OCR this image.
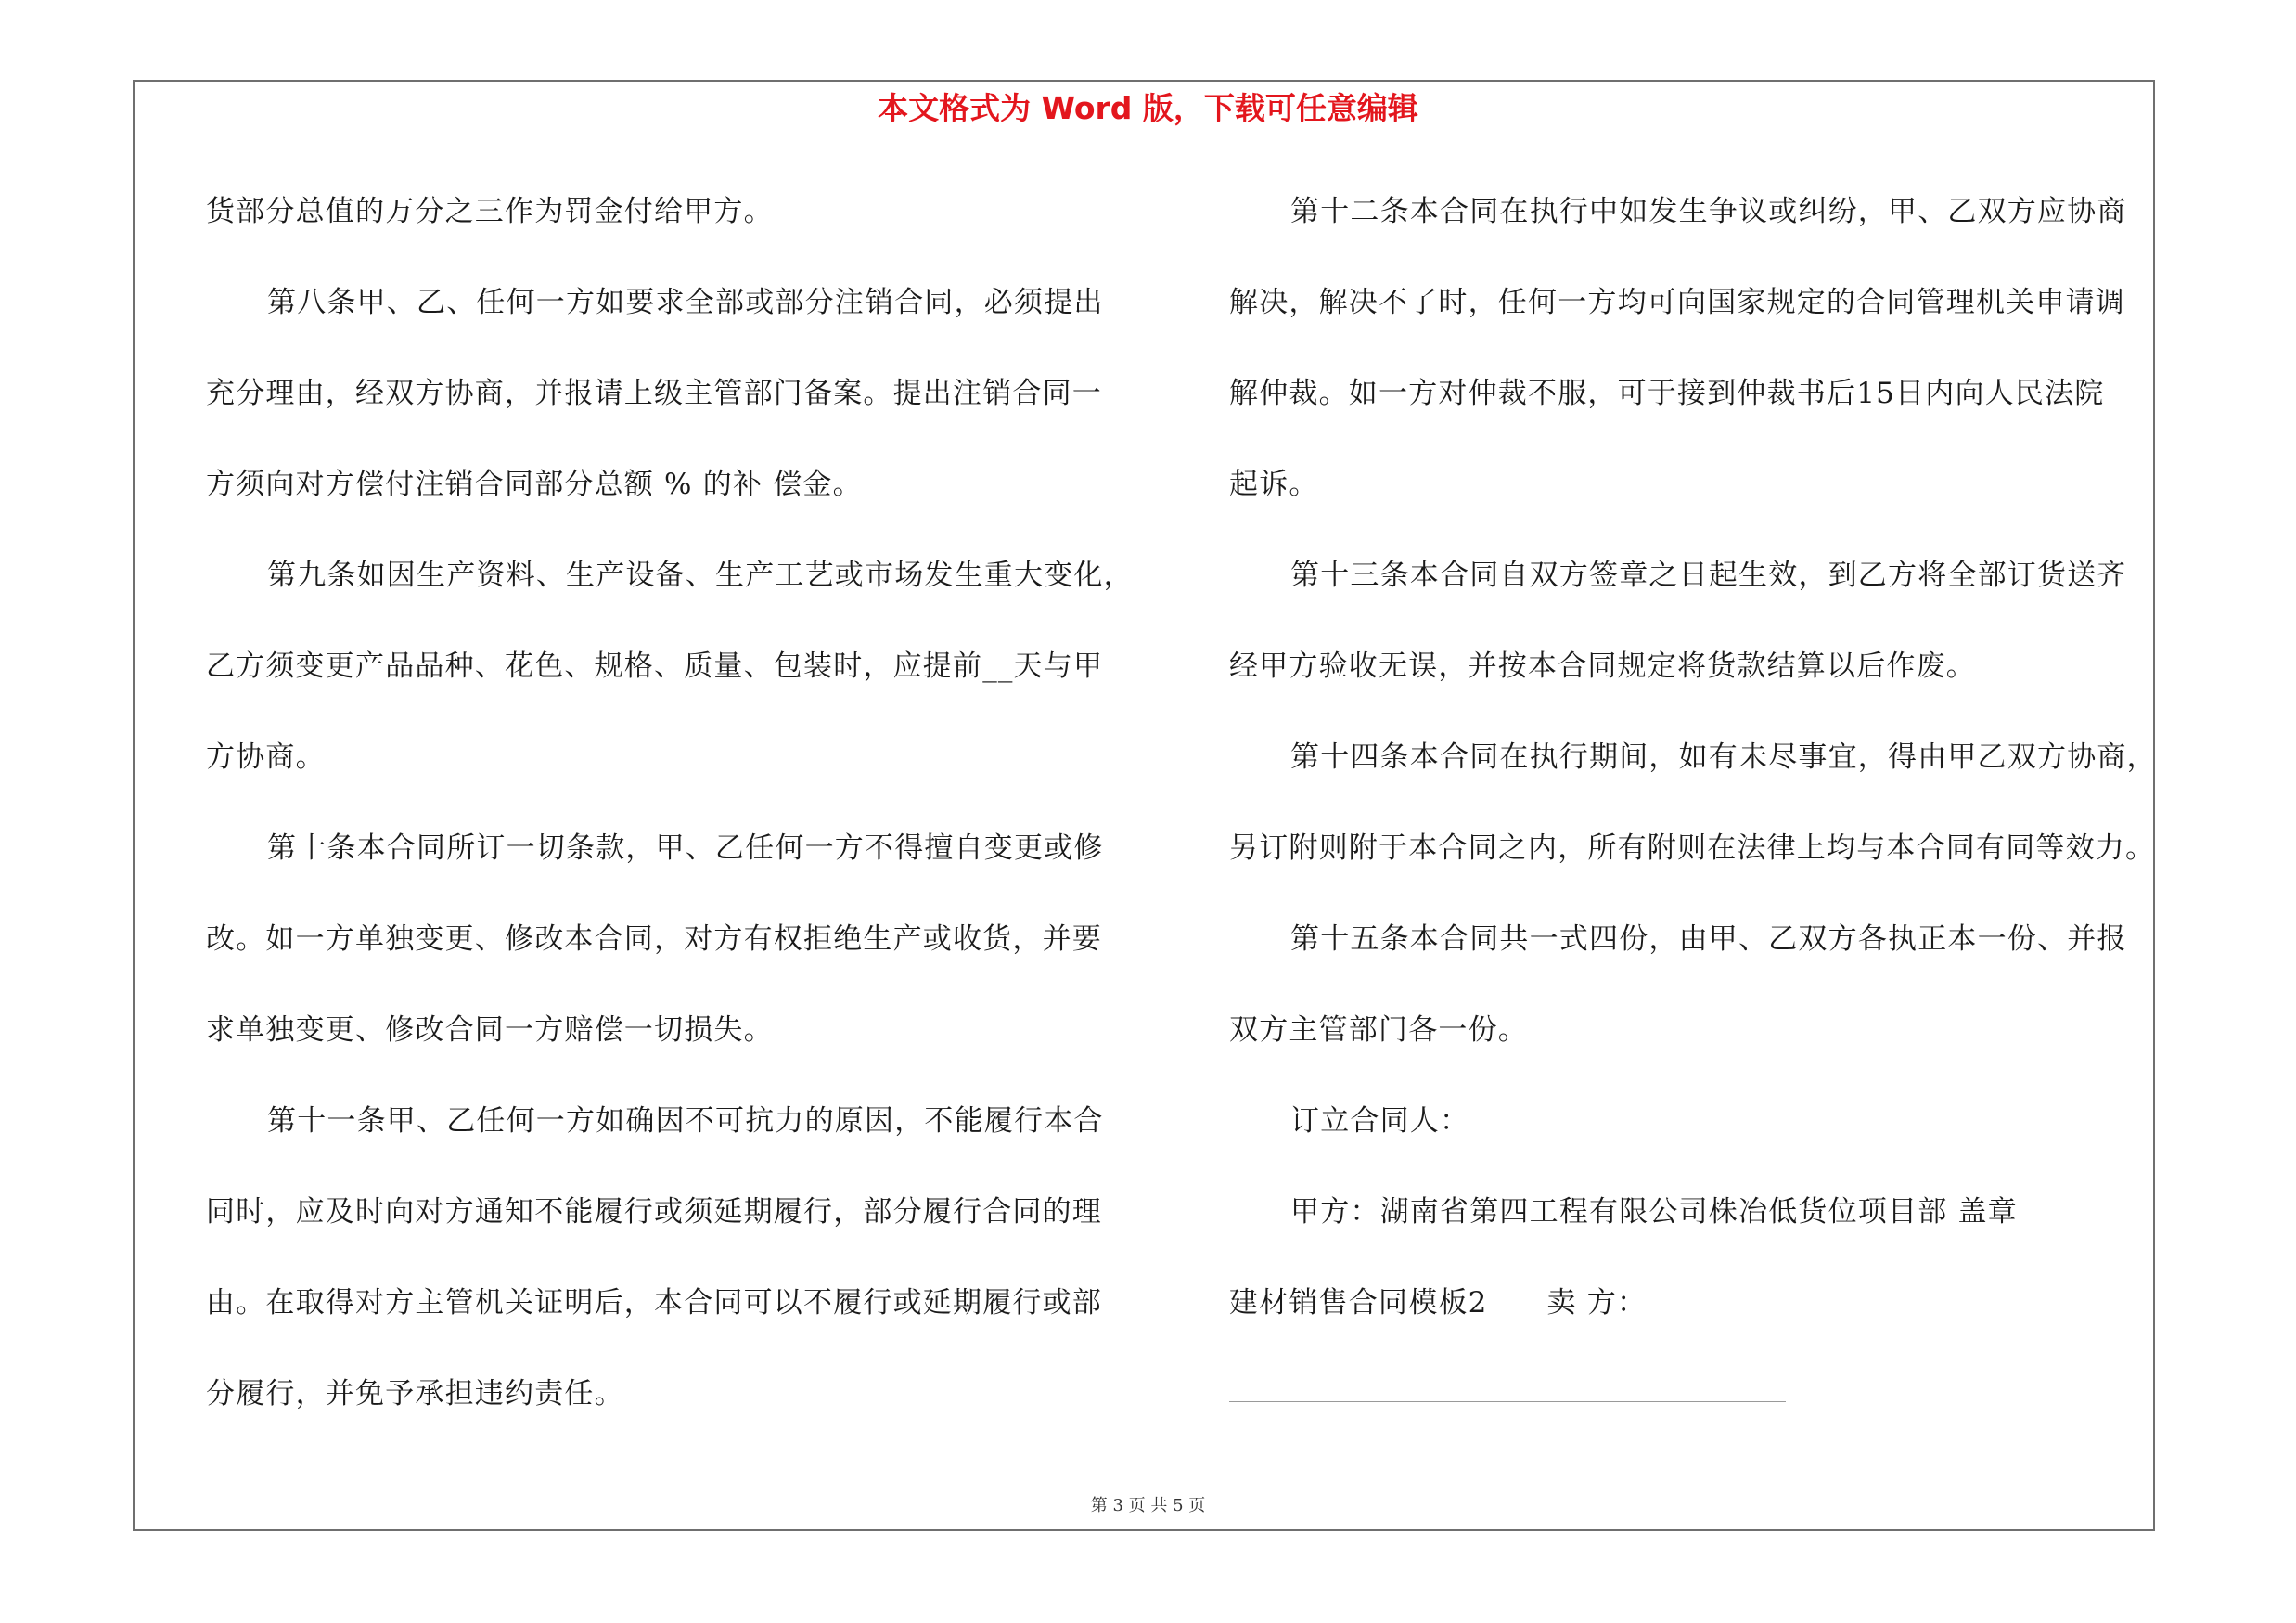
本文格式为 Word 版，下载可任意编辑
货部分总值的万分之三作为罚金付给甲方。
第八条甲、乙、任何一方如要求全部或部分注销合同，必须提出
充分理由，经双方协商，并报请上级主管部门备案。提出注销合同一
方须向对方偿付注销合同部分总额 % 的补 偿金。
第九条如因生产资料、生产设备、生产工艺或市场发生重大变化，
乙方须变更产品品种、花色、规格、质量、包装时，应提前__天与甲
方协商。
第十条本合同所订一切条款，甲、乙任何一方不得擅自变更或修
改。如一方单独变更、修改本合同，对方有权拒绝生产或收货，并要
求单独变更、修改合同一方赔偿一切损失。
第十一条甲、乙任何一方如确因不可抗力的原因，不能履行本合
同时，应及时向对方通知不能履行或须延期履行，部分履行合同的理
由。在取得对方主管机关证明后，本合同可以不履行或延期履行或部
分履行，并免予承担违约责任。
第十二条本合同在执行中如发生争议或纠纷，甲、乙双方应协商
解决，解决不了时，任何一方均可向国家规定的合同管理机关申请调
解仲裁。如一方对仲裁不服，可于接到仲裁书后15日内向人民法院
起诉。
第十三条本合同自双方签章之日起生效，到乙方将全部订货送齐
经甲方验收无误，并按本合同规定将货款结算以后作废。
第十四条本合同在执行期间，如有未尽事宜，得由甲乙双方协商，
另订附则附于本合同之内，所有附则在法律上均与本合同有同等效力。
第十五条本合同共一式四份，由甲、乙双方各执正本一份、并报
双方主管部门各一份。
订立合同人：
甲方：湖南省第四工程有限公司株冶低货位项目部 盖章
建材销售合同模板2 卖 方：
第 3 页 共 5 页
